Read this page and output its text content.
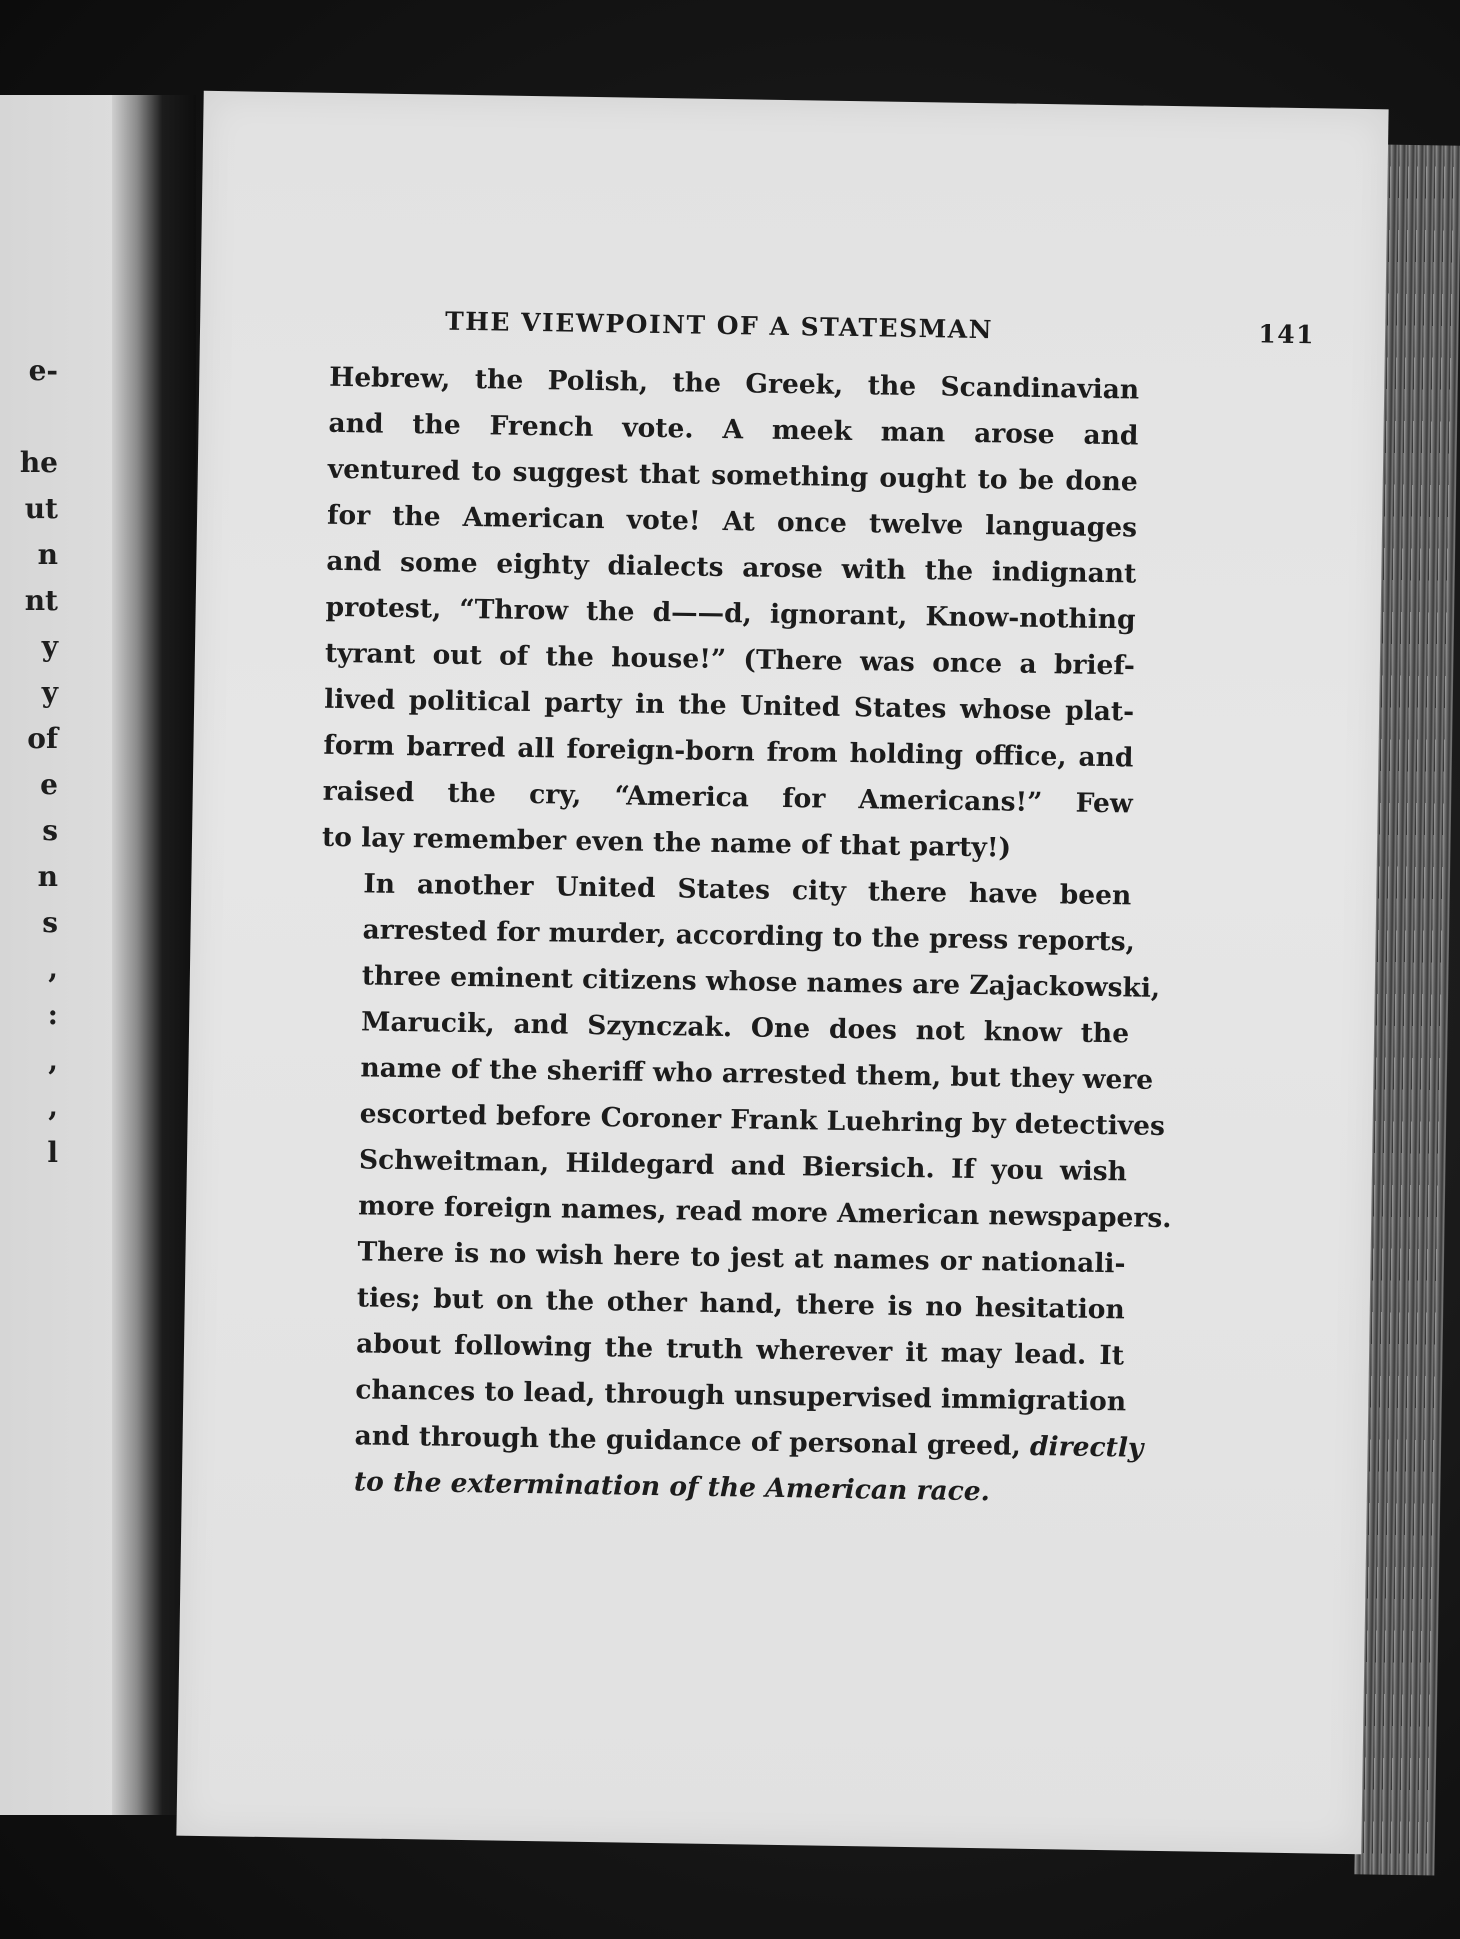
e-
he
ut
n
nt
y
y
of
e
s
n
s
,
:
,
,
l
THE VIEWPOINT OF A STATESMAN	141

Hebrew, the Polish, the Greek, the Scandinavian
and the French vote. A meek man arose and
ventured to suggest that something ought to be done
for the American vote! At once twelve languages
and some eighty dialects arose with the indignant
protest, “Throw the d——d, ignorant, Know-nothing
tyrant out of the house!” (There was once a brief-
lived political party in the United States whose plat-
form barred all foreign-born from holding office, and
raised the cry, “America for Americans!” Few
to lay remember even the name of that party!)

In another United States city there have been
arrested for murder, according to the press reports,
three eminent citizens whose names are Zajackowski,
Marucik, and Szynczak. One does not know the
name of the sheriff who arrested them, but they were
escorted before Coroner Frank Luehring by detectives
Schweitman, Hildegard and Biersich. If you wish
more foreign names, read more American newspapers.

There is no wish here to jest at names or nationali-
ties; but on the other hand, there is no hesitation
about following the truth wherever it may lead. It
chances to lead, through unsupervised immigration
and through the guidance of personal greed, directly
to the extermination of the American race.
